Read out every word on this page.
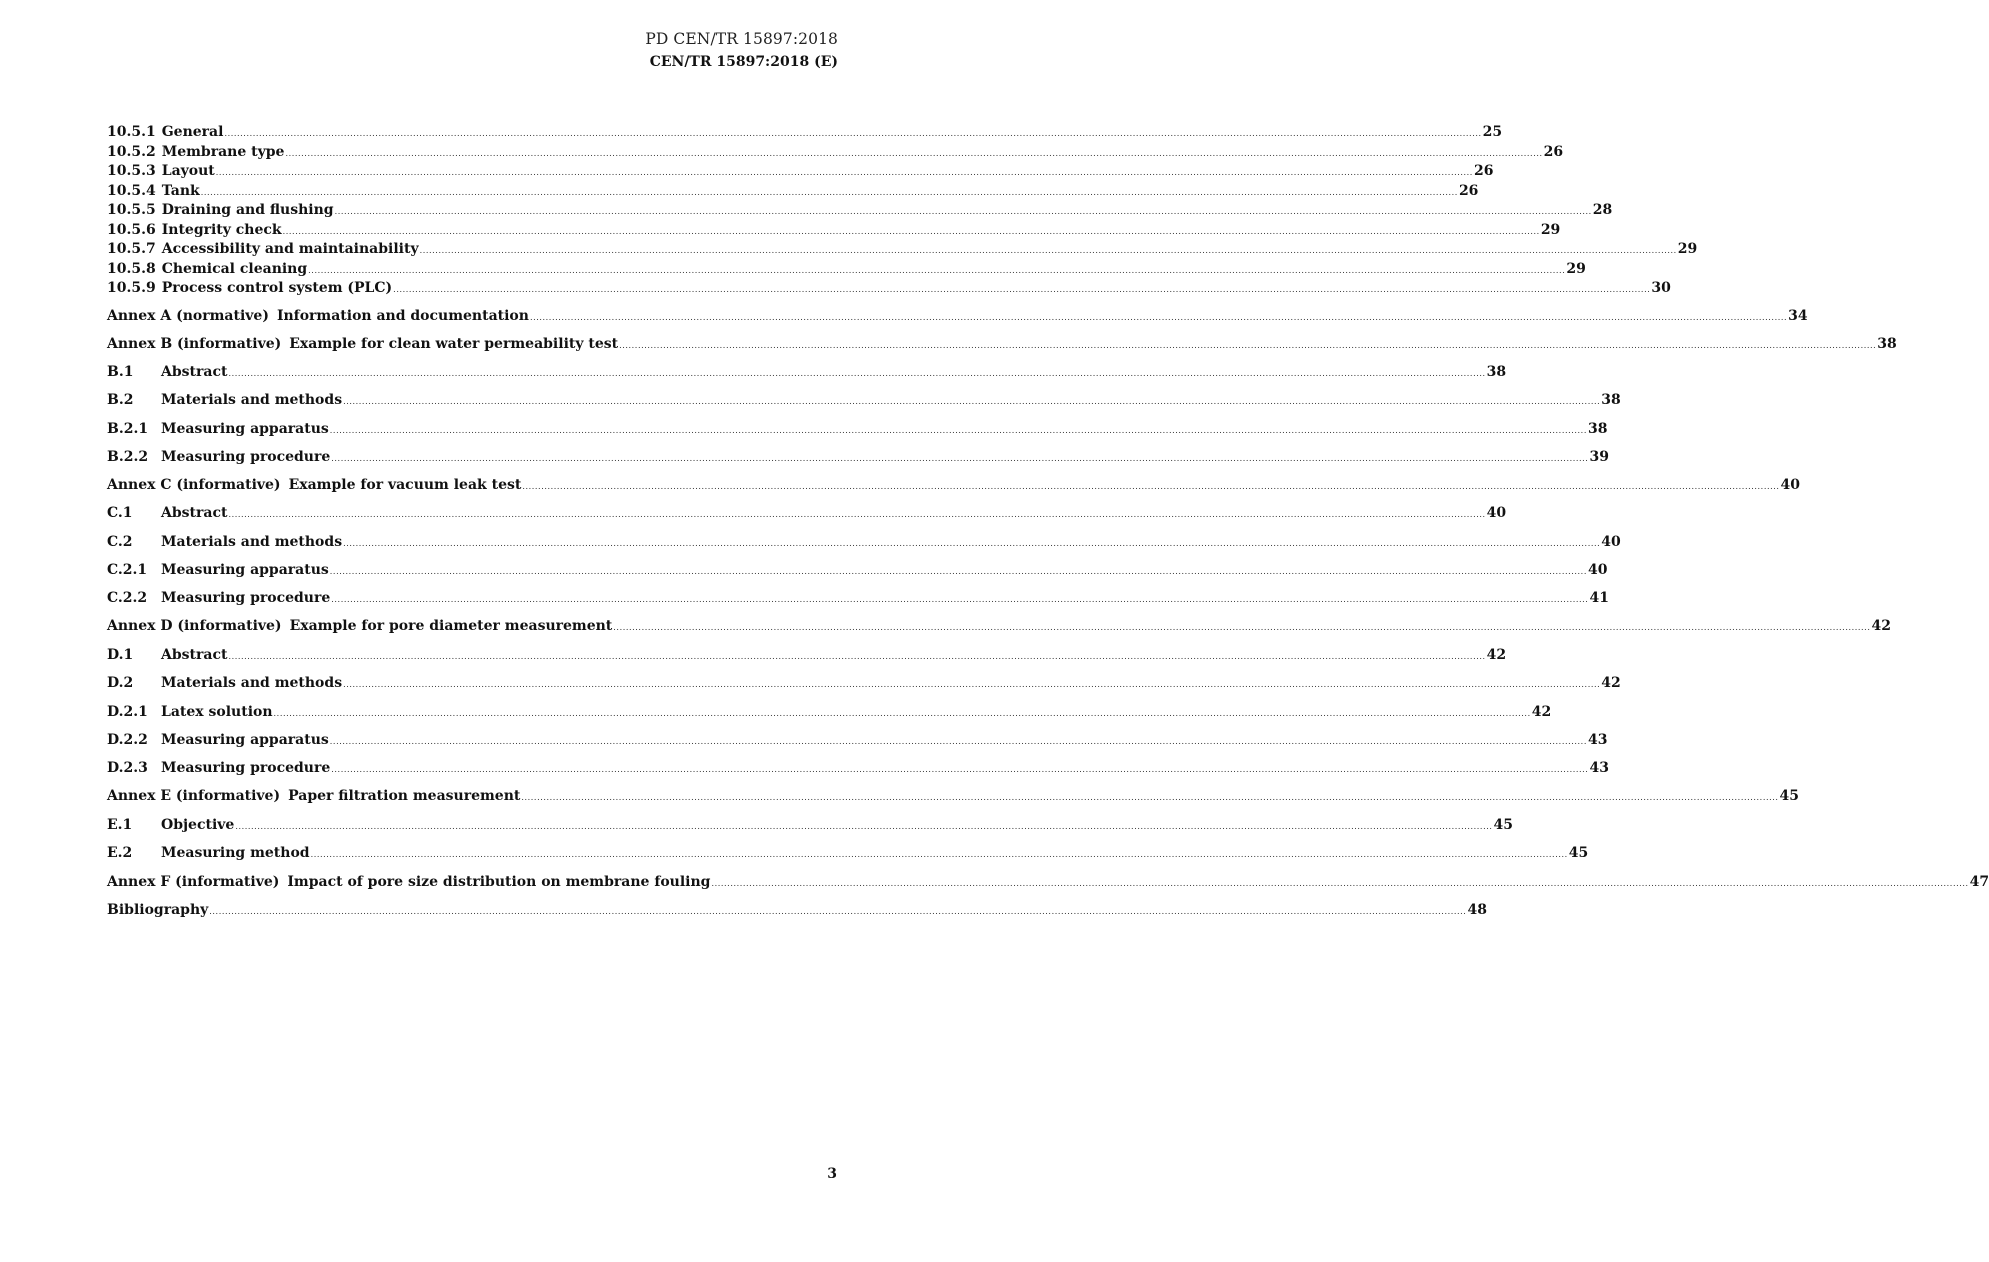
PD CEN/TR 15897:2018
CEN/TR 15897:2018 (E)
10.5.1 General ................................................................................................................................................................................................................................................................................................................................................................................................................ 25
10.5.2 Membrane type ................................................................................................................................................................................................................................................................................................................................................................................................................ 26
10.5.3 Layout ................................................................................................................................................................................................................................................................................................................................................................................................................ 26
10.5.4 Tank ................................................................................................................................................................................................................................................................................................................................................................................................................ 26
10.5.5 Draining and flushing ................................................................................................................................................................................................................................................................................................................................................................................................................ 28
10.5.6 Integrity check ................................................................................................................................................................................................................................................................................................................................................................................................................ 29
10.5.7 Accessibility and maintainability ................................................................................................................................................................................................................................................................................................................................................................................................................ 29
10.5.8 Chemical cleaning ................................................................................................................................................................................................................................................................................................................................................................................................................ 29
10.5.9 Process control system (PLC) ................................................................................................................................................................................................................................................................................................................................................................................................................ 30
Annex A (normative) Information and documentation ................................................................................................................................................................................................................................................................................................................................................................................................................ 34
Annex B (informative) Example for clean water permeability test ................................................................................................................................................................................................................................................................................................................................................................................................................ 38
B.1	Abstract ................................................................................................................................................................................................................................................................................................................................................................................................................ 38
B.2	Materials and methods ................................................................................................................................................................................................................................................................................................................................................................................................................ 38
B.2.1 Measuring apparatus ................................................................................................................................................................................................................................................................................................................................................................................................................ 38
B.2.2 Measuring procedure ................................................................................................................................................................................................................................................................................................................................................................................................................ 39
Annex C (informative) Example for vacuum leak test ................................................................................................................................................................................................................................................................................................................................................................................................................ 40
C.1	Abstract ................................................................................................................................................................................................................................................................................................................................................................................................................ 40
C.2	Materials and methods ................................................................................................................................................................................................................................................................................................................................................................................................................ 40
C.2.1 Measuring apparatus ................................................................................................................................................................................................................................................................................................................................................................................................................ 40
C.2.2 Measuring procedure ................................................................................................................................................................................................................................................................................................................................................................................................................ 41
Annex D (informative) Example for pore diameter measurement ................................................................................................................................................................................................................................................................................................................................................................................................................ 42
D.1	Abstract ................................................................................................................................................................................................................................................................................................................................................................................................................ 42
D.2	Materials and methods ................................................................................................................................................................................................................................................................................................................................................................................................................ 42
D.2.1 Latex solution ................................................................................................................................................................................................................................................................................................................................................................................................................ 42
D.2.2 Measuring apparatus ................................................................................................................................................................................................................................................................................................................................................................................................................ 43
D.2.3 Measuring procedure ................................................................................................................................................................................................................................................................................................................................................................................................................ 43
Annex E (informative) Paper filtration measurement ................................................................................................................................................................................................................................................................................................................................................................................................................ 45
E.1	Objective ................................................................................................................................................................................................................................................................................................................................................................................................................ 45
E.2	Measuring method ................................................................................................................................................................................................................................................................................................................................................................................................................ 45
Annex F (informative) Impact of pore size distribution on membrane fouling ................................................................................................................................................................................................................................................................................................................................................................................................................ 47
Bibliography ................................................................................................................................................................................................................................................................................................................................................................................................................ 48
3
